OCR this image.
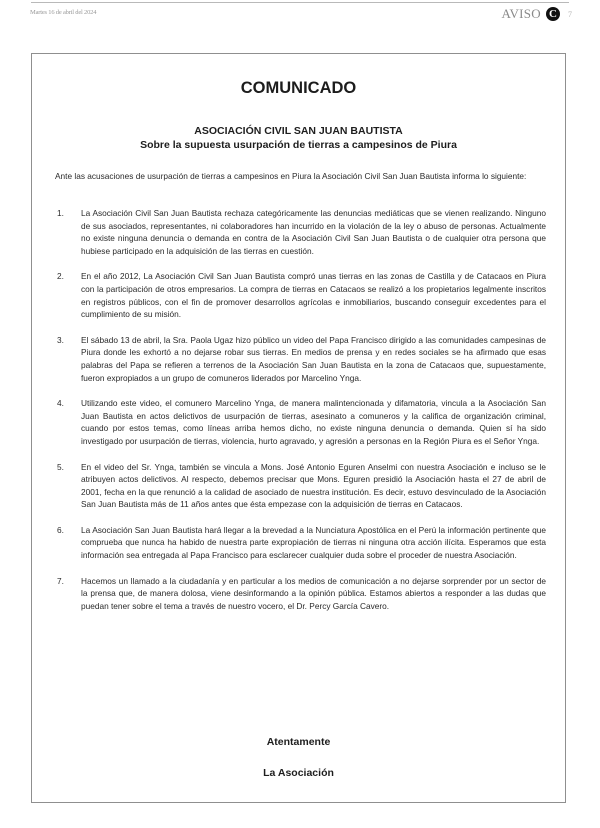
Martes 16 de abril del 2024	AVISO C	7
COMUNICADO
ASOCIACIÓN CIVIL SAN JUAN BAUTISTA
Sobre la supuesta usurpación de tierras a campesinos de Piura
Ante las acusaciones de usurpación de tierras a campesinos en Piura la Asociación Civil San Juan Bautista informa lo siguiente:
1. La Asociación Civil San Juan Bautista rechaza categóricamente las denuncias mediáticas que se vienen realizando. Ninguno de sus asociados, representantes, ni colaboradores han incurrido en la violación de la ley o abuso de personas. Actualmente no existe ninguna denuncia o demanda en contra de la Asociación Civil San Juan Bautista o de cualquier otra persona que hubiese participado en la adquisición de las tierras en cuestión.
2. En el año 2012, La Asociación Civil San Juan Bautista compró unas tierras en las zonas de Castilla y de Catacaos en Piura con la participación de otros empresarios. La compra de tierras en Catacaos se realizó a los propietarios legalmente inscritos en registros públicos, con el fin de promover desarrollos agrícolas e inmobiliarios, buscando conseguir excedentes para el cumplimiento de su misión.
3. El sábado 13 de abril, la Sra. Paola Ugaz hizo público un video del Papa Francisco dirigido a las comunidades campesinas de Piura donde les exhortó a no dejarse robar sus tierras. En medios de prensa y en redes sociales se ha afirmado que esas palabras del Papa se refieren a terrenos de la Asociación San Juan Bautista en la zona de Catacaos que, supuestamente, fueron expropiados a un grupo de comuneros liderados por Marcelino Ynga.
4. Utilizando este video, el comunero Marcelino Ynga, de manera malintencionada y difamatoria, vincula a la Asociación San Juan Bautista en actos delictivos de usurpación de tierras, asesinato a comuneros y la califica de organización criminal, cuando por estos temas, como líneas arriba hemos dicho, no existe ninguna denuncia o demanda. Quien sí ha sido investigado por usurpación de tierras, violencia, hurto agravado, y agresión a personas en la Región Piura es el Señor Ynga.
5. En el video del Sr. Ynga, también se vincula a Mons. José Antonio Eguren Anselmi con nuestra Asociación e incluso se le atribuyen actos delictivos. Al respecto, debemos precisar que Mons. Eguren presidió la Asociación hasta el 27 de abril de 2001, fecha en la que renunció a la calidad de asociado de nuestra institución. Es decir, estuvo desvinculado de la Asociación San Juan Bautista más de 11 años antes que ésta empezase con la adquisición de tierras en Catacaos.
6. La Asociación San Juan Bautista hará llegar a la brevedad a la Nunciatura Apostólica en el Perú la información pertinente que comprueba que nunca ha habido de nuestra parte expropiación de tierras ni ninguna otra acción ilícita. Esperamos que esta información sea entregada al Papa Francisco para esclarecer cualquier duda sobre el proceder de nuestra Asociación.
7. Hacemos un llamado a la ciudadanía y en particular a los medios de comunicación a no dejarse sorprender por un sector de la prensa que, de manera dolosa, viene desinformando a la opinión pública. Estamos abiertos a responder a las dudas que puedan tener sobre el tema a través de nuestro vocero, el Dr. Percy García Cavero.
Atentamente
La Asociación
